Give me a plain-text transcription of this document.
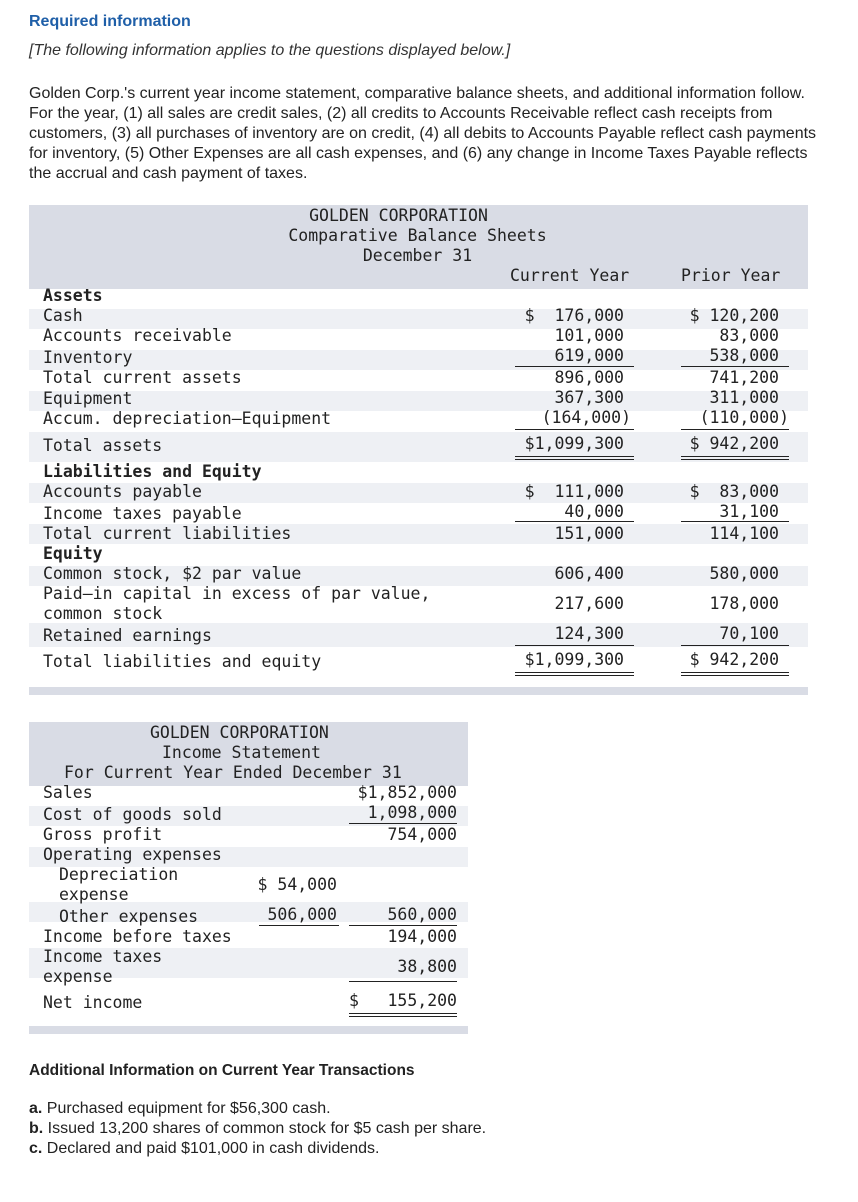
Required information
[The following information applies to the questions displayed below.]
Golden Corp.'s current year income statement, comparative balance sheets, and additional information follow. For the year, (1) all sales are credit sales, (2) all credits to Accounts Receivable reflect cash receipts from customers, (3) all purchases of inventory are on credit, (4) all debits to Accounts Payable reflect cash payments for inventory, (5) Other Expenses are all cash expenses, and (6) any change in Income Taxes Payable reflects the accrual and cash payment of taxes.
GOLDEN CORPORATION
Comparative Balance Sheets
December 31
Current Year	Prior Year
Assets
Cash
Accounts receivable
Inventory
Total current assets
Equipment
Accum. depreciation—Equipment
Total assets
Liabilities and Equity
Accounts payable
Income taxes payable
Total current liabilities
Equity
Common stock, $2 par value
Paid—in capital in excess of par value,
common stock
Retained earnings
Total liabilities and equity
$  176,000
101,000
619,000
896,000
367,300
(164,000)
$1,099,300
$  111,000
40,000
151,000
606,400
217,600
124,300
$1,099,300
$ 120,200
83,000
538,000
741,200
311,000
(110,000)
$ 942,200
$  83,000
31,100
114,100
580,000
178,000
70,100
$ 942,200
GOLDEN CORPORATION
Income Statement
For Current Year Ended December 31
Sales
Cost of goods sold
Gross profit
Operating expenses
Depreciation
expense
Other expenses
Income before taxes
Income taxes
expense
Net income
$ 54,000
506,000
$1,852,000
1,098,000
754,000
560,000
194,000
38,800
$	155,200
Additional Information on Current Year Transactions
a. Purchased equipment for $56,300 cash.
b. Issued 13,200 shares of common stock for $5 cash per share.
c. Declared and paid $101,000 in cash dividends.
